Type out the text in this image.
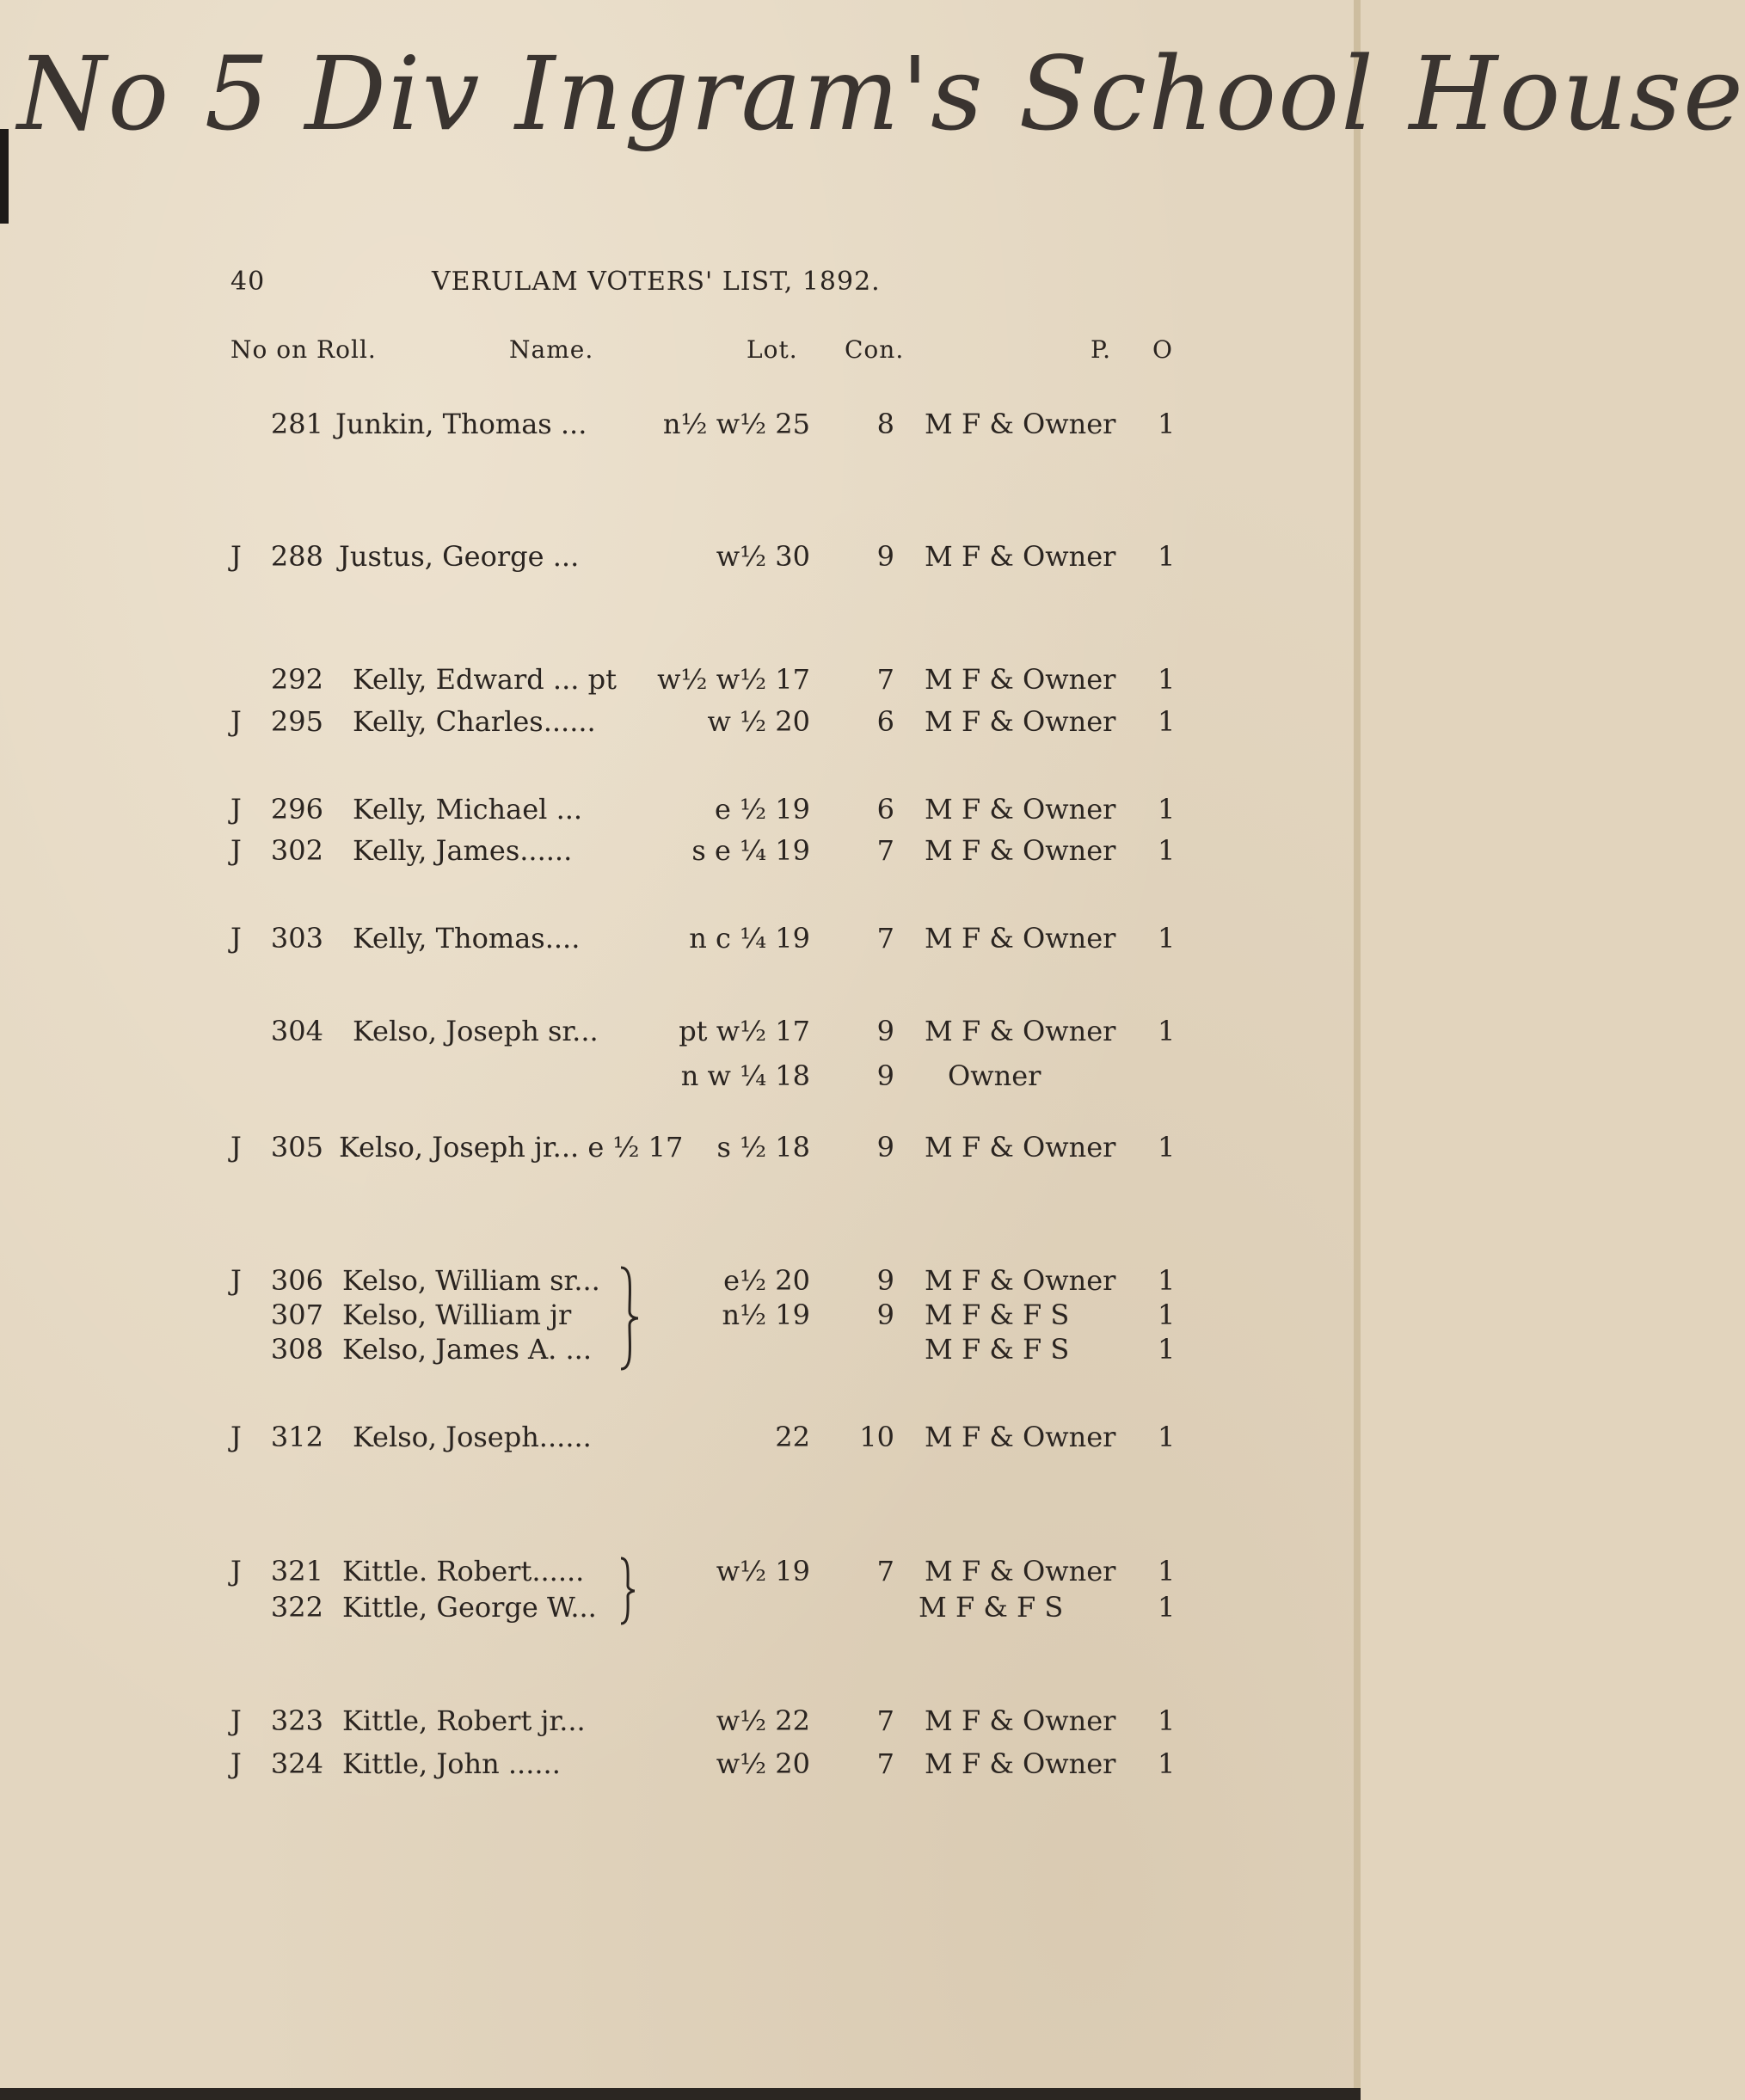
No 5 Div Ingram's School House
40	VERULAM VOTERS' LIST, 1892.
No on Roll.	Name.	Lot. Con.	P. O
281 Junkin, Thomas ...	n½ w½ 25	8 M F & Owner 1
J 288 Justus, George ...	w½ 30	9 M F & Owner 1
292 Kelly, Edward ... pt	w½ w½ 17	7 M F & Owner 1
J 295 Kelly, Charles......	w ½ 20	6 M F & Owner 1
J 296 Kelly, Michael ...	e ½ 19	6 M F & Owner 1
J 302 Kelly, James......	s e ¼ 19	7 M F & Owner 1
J 303 Kelly, Thomas....	n c ¼ 19	7 M F & Owner 1
304 Kelso, Joseph sr...	pt w½ 17	9 M F & Owner 1
n w ¼ 18	9 Owner
J 305 Kelso, Joseph jr... e ½ 17	s ½ 18	9 M F & Owner 1
J 306 Kelso, William sr...	e½ 20	9 M F & Owner 1
307 Kelso, William jr	n½ 19	9 M F & F S	1
308 Kelso, James A. ...	M F & F S	1
J 312 Kelso, Joseph......	22 10 M F & Owner 1
J 321 Kittle. Robert......	w½ 19	7 M F & Owner 1
322 Kittle, George W...	M F & F S	1
J 323 Kittle, Robert jr...	w½ 22	7 M F & Owner 1
J 324 Kittle, John ......	w½ 20	7 M F & Owner 1
